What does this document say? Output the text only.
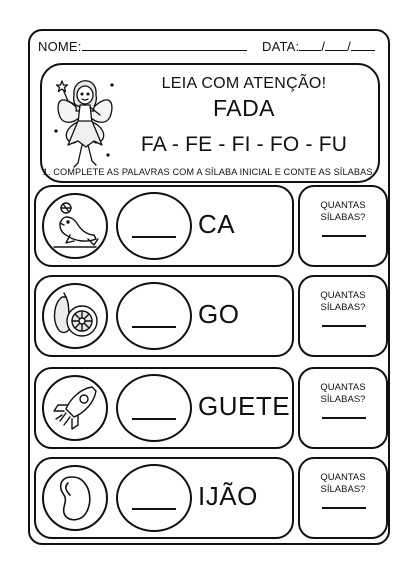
NOME:	DATA: / /
LEIA COM ATENÇÃO!
FADA
FA - FE - FI - FO - FU
1. COMPLETE AS PALAVRAS COM A SÍLABA INICIAL E CONTE AS SÍLABAS.
CA
QUANTAS
SÍLABAS?
GO
QUANTAS
SÍLABAS?
GUETE
QUANTAS
SÍLABAS?
IJÃO
QUANTAS
SÍLABAS?
